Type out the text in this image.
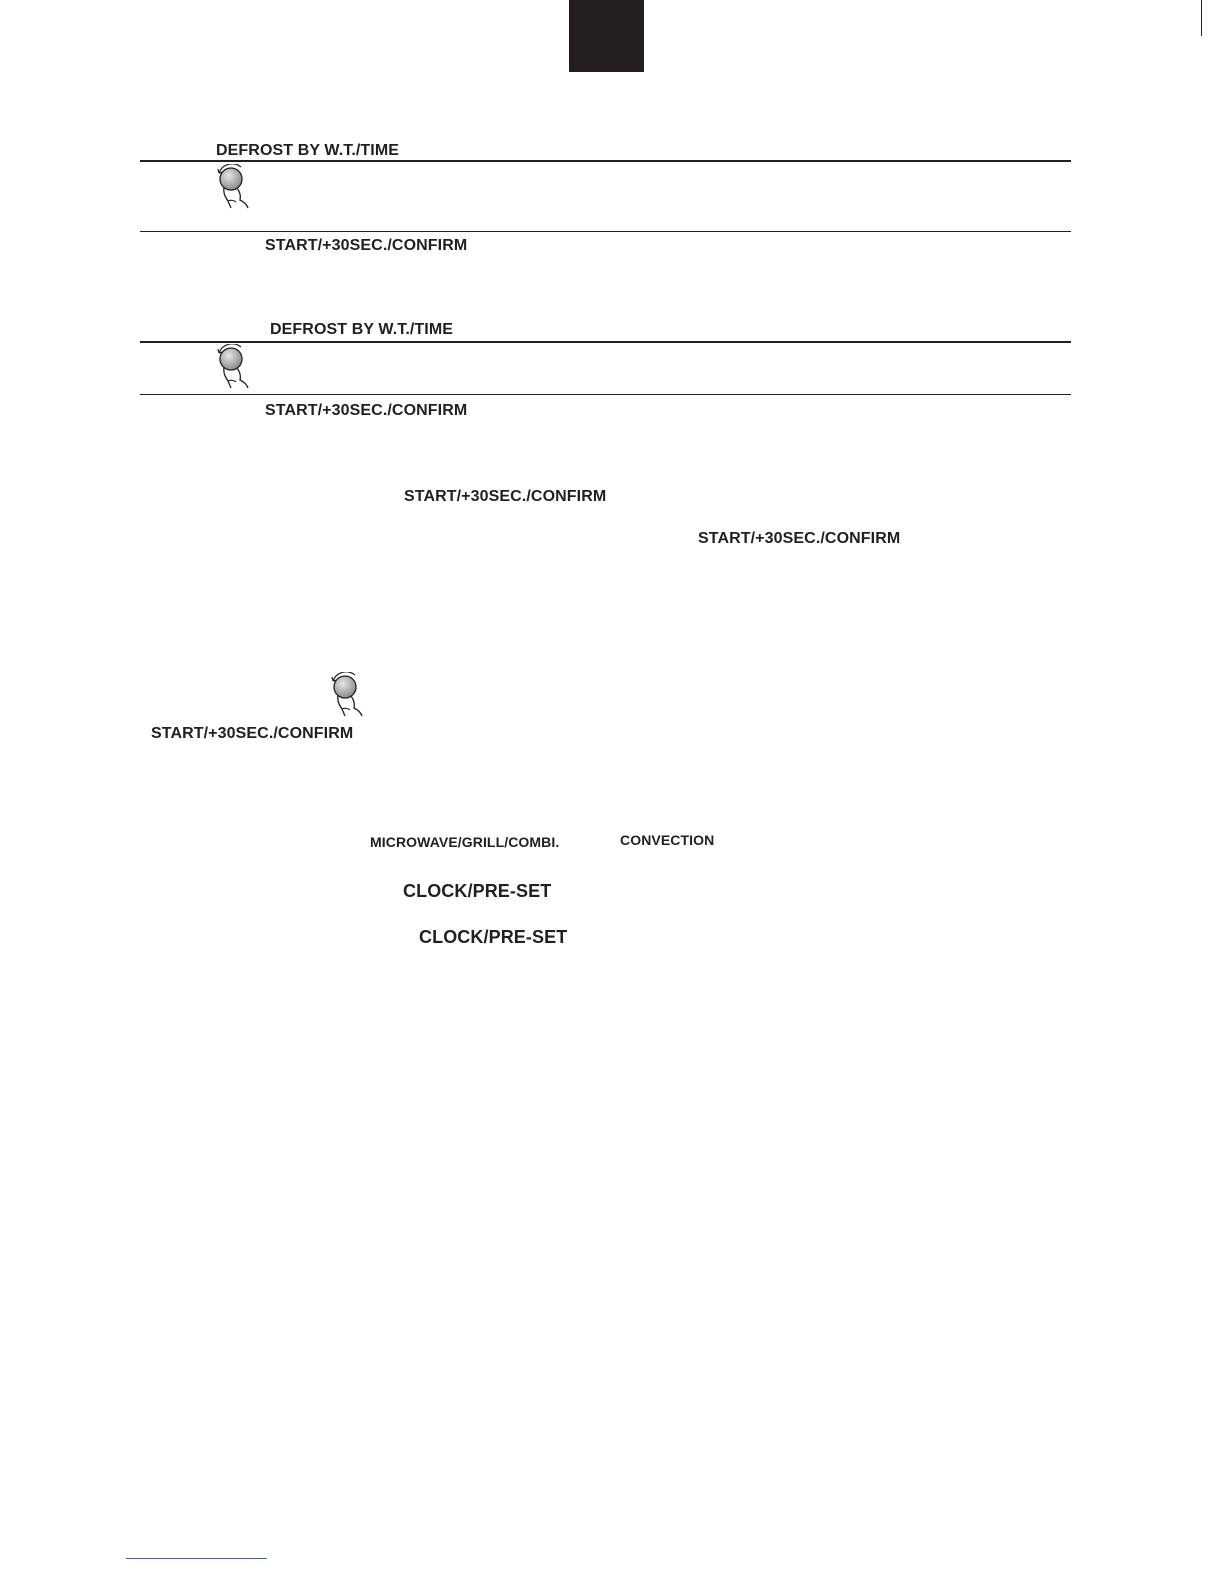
DEFROST BY W.T./TIME
START/+30SEC./CONFIRM
DEFROST BY W.T./TIME
START/+30SEC./CONFIRM
START/+30SEC./CONFIRM
START/+30SEC./CONFIRM
START/+30SEC./CONFIRM
MICROWAVE/GRILL/COMBI.	CONVECTION
CLOCK/PRE-SET
CLOCK/PRE-SET
